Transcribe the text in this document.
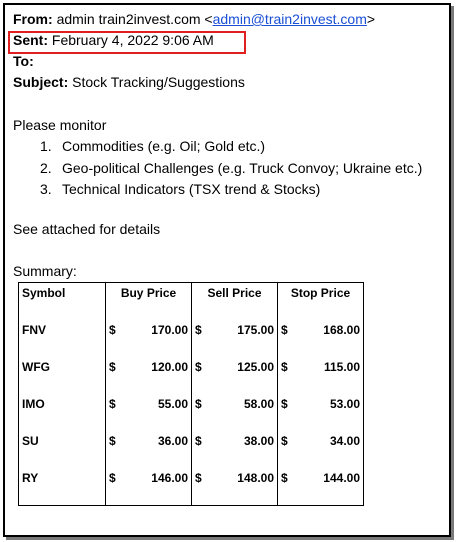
From: admin train2invest.com <admin@train2invest.com>
Sent: February 4, 2022 9:06 AM
To:
Subject: Stock Tracking/Suggestions
Please monitor
1. Commodities (e.g. Oil; Gold etc.)
2. Geo-political Challenges (e.g. Truck Convoy; Ukraine etc.)
3. Technical Indicators (TSX trend & Stocks)
See attached for details
Summary:
Symbol	Buy Price	Sell Price	Stop Price

FNV	$ 170.00	$ 175.00	$ 168.00

WFG	$ 120.00	$ 125.00	$ 115.00

IMO	$ 55.00	$ 58.00	$ 53.00

SU	$ 36.00	$ 38.00	$ 34.00

RY	$ 146.00	$ 148.00	$ 144.00
